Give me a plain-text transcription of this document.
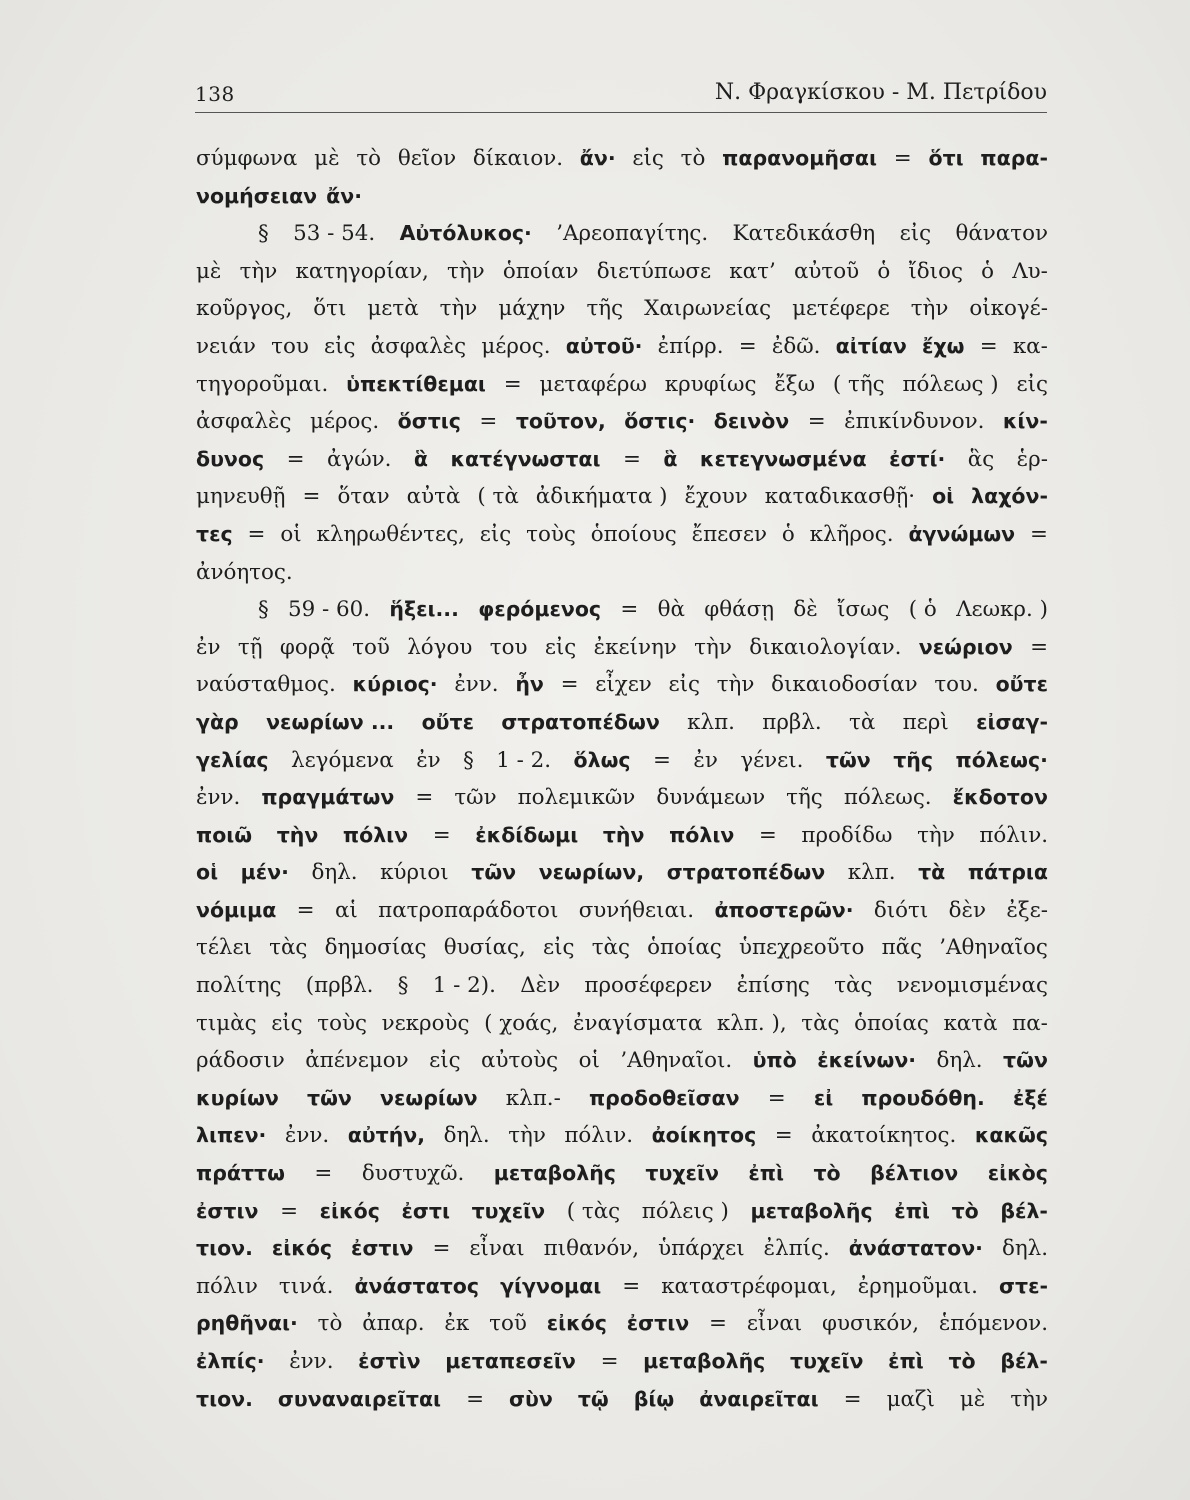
138	Ν. Φραγκίσκου - Μ. Πετρίδου
σύμφωνα μὲ τὸ θεῖον δίκαιον. ἄν· εἰς τὸ παρανομῆσαι = ὅτι παρα-
νομήσειαν ἄν·
§ 53 - 54. Αὐτόλυκος· ’Αρεοπαγίτης. Κατεδικάσθη εἰς θάνατον
μὲ τὴν κατηγορίαν, τὴν ὁποίαν διετύπωσε κατ’ αὐτοῦ ὁ ἴδιος ὁ Λυ-
κοῦργος, ὅτι μετὰ τὴν μάχην τῆς Χαιρωνείας μετέφερε τὴν οἰκογέ-
νειάν του εἰς ἀσφαλὲς μέρος. αὐτοῦ· ἐπίρρ. = ἐδῶ. αἰτίαν ἔχω = κα-
τηγοροῦμαι. ὑπεκτίθεμαι = μεταφέρω κρυφίως ἔξω ( τῆς πόλεως ) εἰς
ἀσφαλὲς μέρος. ὅστις = τοῦτον, ὅστις· δεινὸν = ἐπικίνδυνον. κίν-
δυνος = ἀγών. ἃ κατέγνωσται = ἃ κετεγνωσμένα ἐστί· ἃς ἑρ-
μηνευθῇ = ὅταν αὐτὰ ( τὰ ἀδικήματα ) ἔχουν καταδικασθῇ· οἱ λαχόν-
τες = οἱ κληρωθέντες, εἰς τοὺς ὁποίους ἔπεσεν ὁ κλῆρος. ἀγνώμων =
ἀνόητος.
§ 59 - 60. ἥξει... φερόμενος = θὰ φθάσῃ δὲ ἴσως ( ὁ Λεωκρ. )
ἐν τῇ φορᾷ τοῦ λόγου του εἰς ἐκείνην τὴν δικαιολογίαν. νεώριον =
ναύσταθμος. κύριος· ἐνν. ἦν = εἶχεν εἰς τὴν δικαιοδοσίαν του. οὔτε
γὰρ νεωρίων ... οὔτε στρατοπέδων κλπ. πρβλ. τὰ περὶ εἰσαγ-
γελίας λεγόμενα ἐν § 1 - 2. ὅλως = ἐν γένει. τῶν τῆς πόλεως·
ἐνν. πραγμάτων = τῶν πολεμικῶν δυνάμεων τῆς πόλεως. ἔκδοτον
ποιῶ τὴν πόλιν = ἐκδίδωμι τὴν πόλιν = προδίδω τὴν πόλιν.
οἱ μέν· δηλ. κύριοι τῶν νεωρίων, στρατοπέδων κλπ. τὰ πάτρια
νόμιμα = αἱ πατροπαράδοτοι συνήθειαι. ἀποστερῶν· διότι δὲν ἐξε-
τέλει τὰς δημοσίας θυσίας, εἰς τὰς ὁποίας ὑπεχρεοῦτο πᾶς ’Αθηναῖος
πολίτης (πρβλ. § 1 - 2). Δὲν προσέφερεν ἐπίσης τὰς νενομισμένας
τιμὰς εἰς τοὺς νεκροὺς ( χοάς, ἐναγίσματα κλπ. ), τὰς ὁποίας κατὰ πα-
ράδοσιν ἀπένεμον εἰς αὐτοὺς οἱ ’Αθηναῖοι. ὑπὸ ἐκείνων· δηλ. τῶν
κυρίων τῶν νεωρίων κλπ.- προδοθεῖσαν = εἰ προυδόθη. ἐξέ
λιπεν· ἐνν. αὐτήν, δηλ. τὴν πόλιν. ἀοίκητος = ἀκατοίκητος. κακῶς
πράττω = δυστυχῶ. μεταβολῆς τυχεῖν ἐπὶ τὸ βέλτιον εἰκὸς
ἐστιν = εἰκός ἐστι τυχεῖν ( τὰς πόλεις ) μεταβολῆς ἐπὶ τὸ βέλ-
τιον. εἰκός ἐστιν = εἶναι πιθανόν, ὑπάρχει ἐλπίς. ἀνάστατον· δηλ.
πόλιν τινά. ἀνάστατος γίγνομαι = καταστρέφομαι, ἐρημοῦμαι. στε-
ρηθῆναι· τὸ ἀπαρ. ἐκ τοῦ εἰκός ἐστιν = εἶναι φυσικόν, ἑπόμενον.
ἐλπίς· ἐνν. ἐστὶν μεταπεσεῖν = μεταβολῆς τυχεῖν ἐπὶ τὸ βέλ-
τιον. συναναιρεῖται = σὺν τῷ βίῳ ἀναιρεῖται = μαζὶ μὲ τὴν
